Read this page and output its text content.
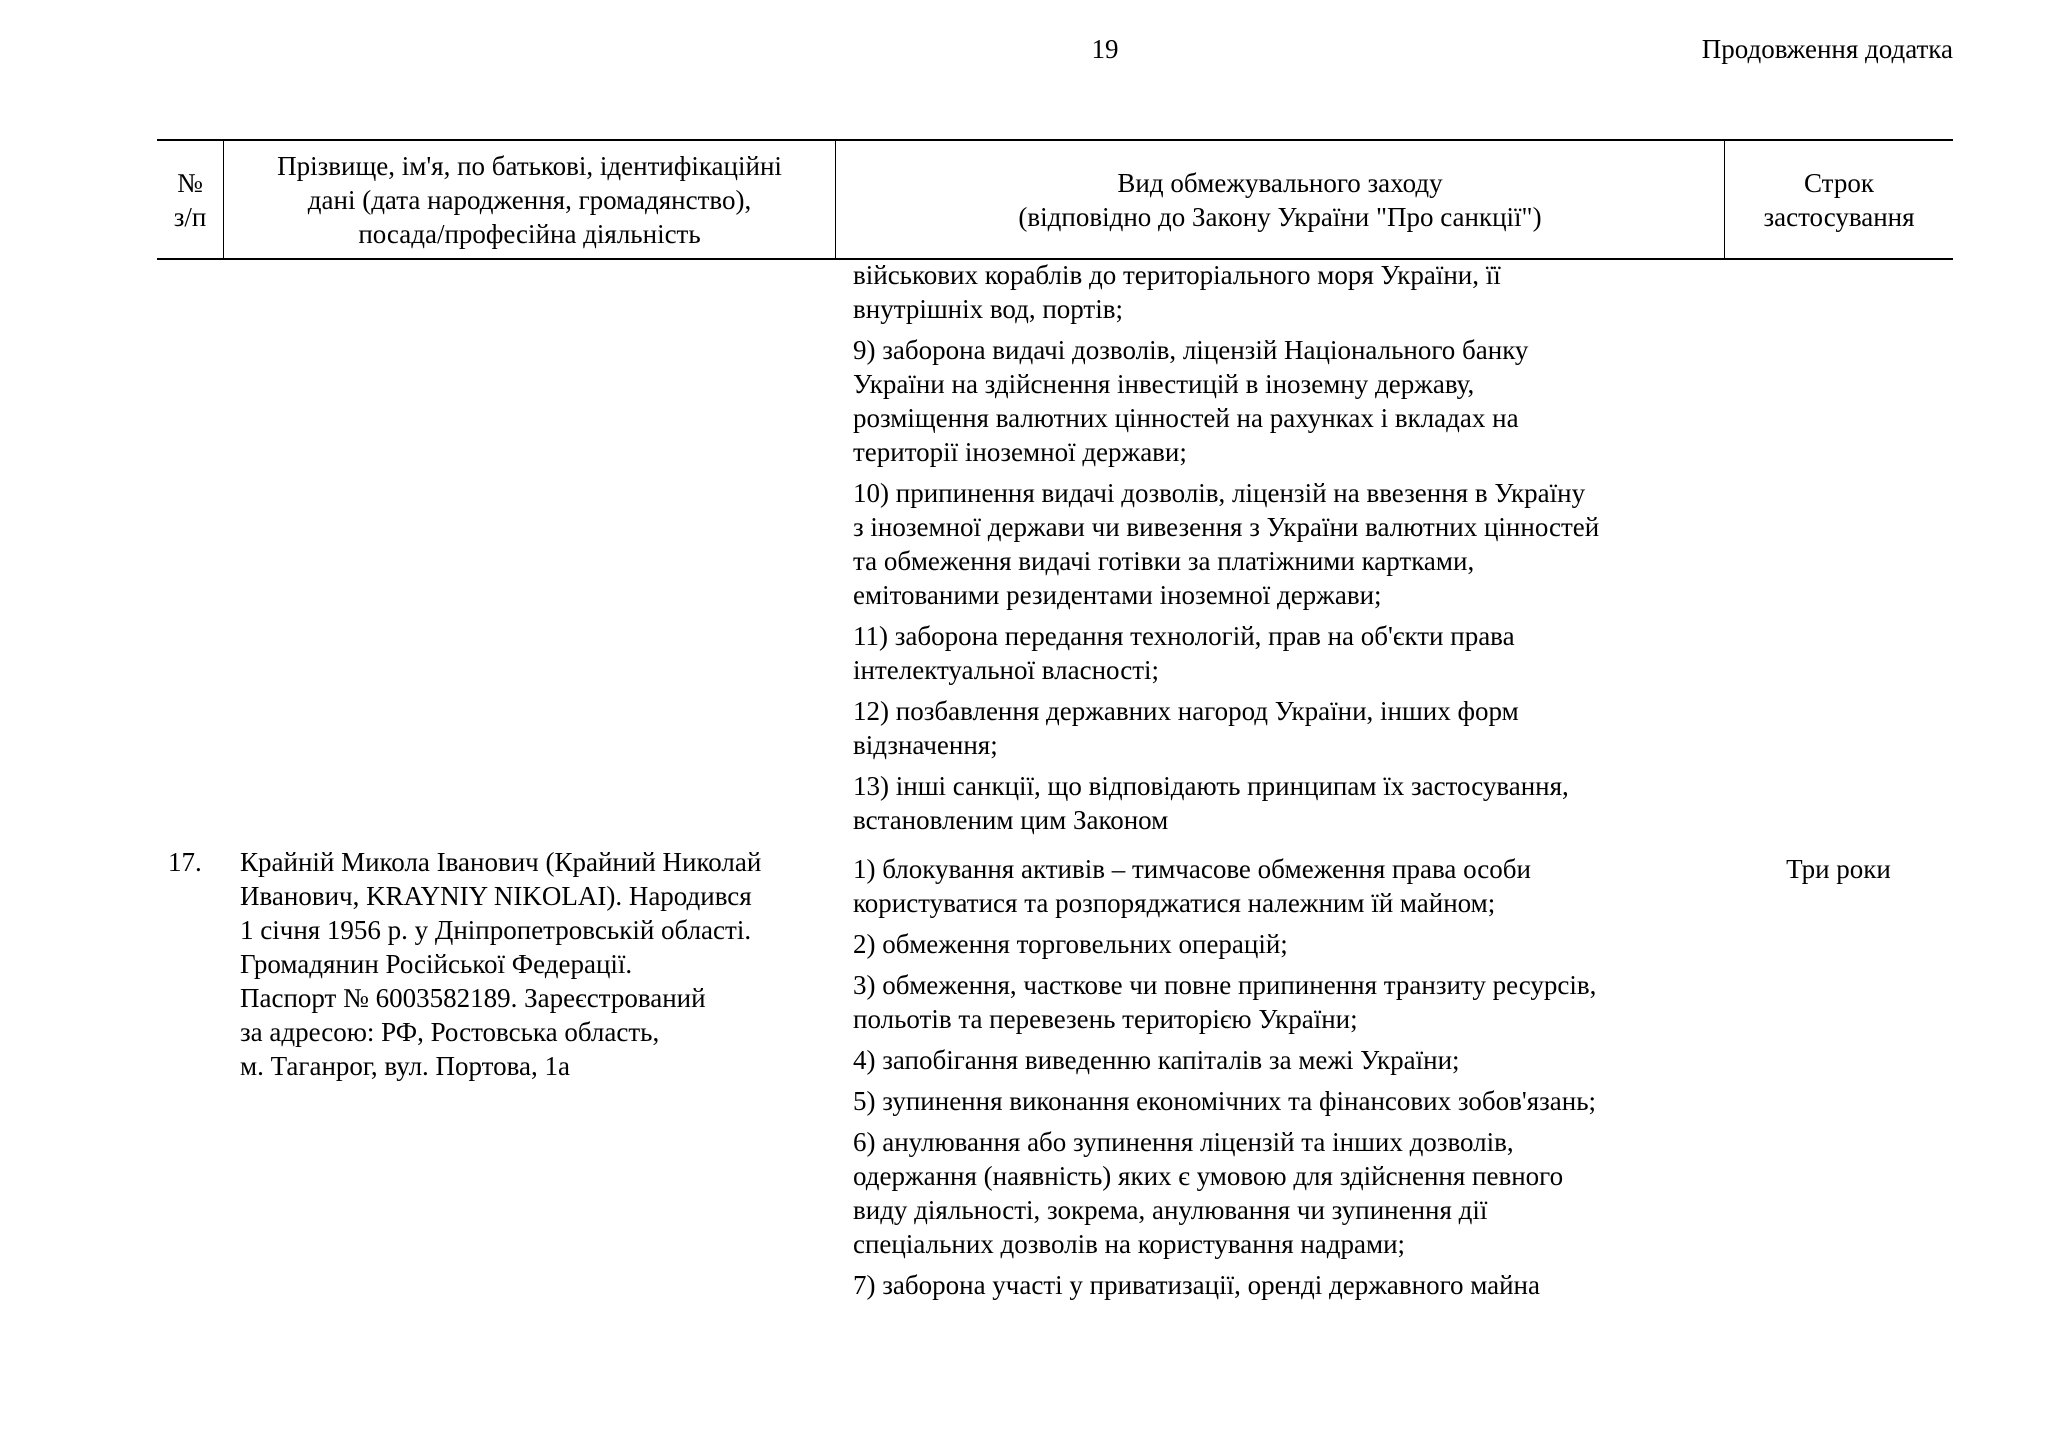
19	Продовження додатка
№
з/п
Прізвище, ім'я, по батькові, ідентифікаційні
дані (дата народження, громадянство),
посада/професійна діяльність
Вид обмежувального заходу
(відповідно до Закону України "Про санкції")
Строк
застосування
військових кораблів до територіального моря України, її
внутрішніх вод, портів;
9) заборона видачі дозволів, ліцензій Національного банку
України на здійснення інвестицій в іноземну державу,
розміщення валютних цінностей на рахунках і вкладах на
території іноземної держави;
10) припинення видачі дозволів, ліцензій на ввезення в Україну
з іноземної держави чи вивезення з України валютних цінностей
та обмеження видачі готівки за платіжними картками,
емітованими резидентами іноземної держави;
11) заборона передання технологій, прав на об'єкти права
інтелектуальної власності;
12) позбавлення державних нагород України, інших форм
відзначення;
13) інші санкції, що відповідають принципам їх застосування,
встановленим цим Законом
17. Крайній Микола Іванович (Крайний Николай
Иванович, KRAYNIY NIKOLAI). Народився
1 січня 1956 р. у Дніпропетровській області.
Громадянин Російської Федерації.
Паспорт № 6003582189. Зареєстрований
за адресою: РФ, Ростовська область,
м. Таганрог, вул. Портова, 1а
1) блокування активів – тимчасове обмеження права особи
користуватися та розпоряджатися належним їй майном;
2) обмеження торговельних операцій;
3) обмеження, часткове чи повне припинення транзиту ресурсів,
польотів та перевезень територією України;
4) запобігання виведенню капіталів за межі України;
5) зупинення виконання економічних та фінансових зобов'язань;
6) анулювання або зупинення ліцензій та інших дозволів,
одержання (наявність) яких є умовою для здійснення певного
виду діяльності, зокрема, анулювання чи зупинення дії
спеціальних дозволів на користування надрами;
7) заборона участі у приватизації, оренді державного майна
Три роки
